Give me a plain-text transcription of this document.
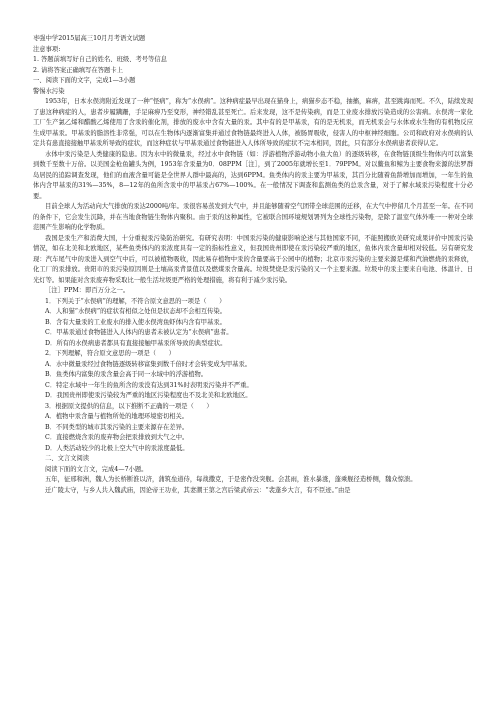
枣强中学2015届高三10月月考语文试题
注意事项:
1. 答题前填写好自己的姓名、班级、考号等信息
2. 请将答案正确填写在答题卡上
一、阅读下面的文字，完成1—3小题
警惕水污染
1953年，日本水俣湾附近发现了一种“怪病”，称为“水俣病”。这种病症最早出现在猫身上，病猫步态不稳，抽搐，麻痹，甚至跳海而死。不久，陆续发现了患这种病症的人，患者步履蹒跚，手足麻痹乃至变形，神经错乱甚至死亡。后来发现，这不是传染病，而是工业废水排放污染造成的公害病。水俣湾一家化工厂生产氯乙烯和醋酸乙烯使用了含汞的催化剂，排放的废水中含有大量的汞。其中有的是甲基汞，有的是无机汞，而无机汞会与水体或水生物的有机物反应生成甲基汞。甲基汞的脂溶性非常强，可以在生物体内逐渐富集并通过食物链最终进入人体，被肠胃吸收，侵害人的中枢神经细胞。公司和政府对水俣病的认定共有患直接接触甲基汞所导致的症状，而这种症状与甲基汞通过食物链进入人体所导致的症状不完本相同，因此，只有部分水俣病患者获得认定。
水体中汞污染是人类健康的隐患。因为水中的微量汞，经过水中食物链（如：浮游植物浮游动物小鱼大鱼）的逐级转移，在食物链顶级生物体内可以富集到数千至数十万倍。以美国金枪鱼罐头为例，1953年含汞量为0．08PPM［注］，到了2005年就增长至1．79PPM。对以鳖鱼和鲸为主要食物来源的法罗群岛居民的追踪调查发现，他们的血液含量可能是全世界人群中最高的，达到6PPM。鱼类体内的汞主要为甲基汞，其百分比随着鱼龄增加而增加，一年生的鱼体内含甲基汞的31%—35%，8—12年的鱼所含汞中的甲基汞占67%—100%。在一般情况下调查和监测鱼类的总汞含量，对于了解水域汞污染程度十分必要。
目前全球人为活动向大气排放的汞达2000吨/年。汞很容易蒸发到大气中，并且能够随着空气团带全球范围的迁移，在大气中停留几个月甚至一年。在不同的条件下，它会发生沉降，并在当地食物链生物体内聚积。由于汞的这种属性，它被联合国环境规划署列为全球性污染物，是除了温室气体外唯一一种对全球范围产生影响的化学物质。
我国是汞生产和消费大国，十分重视汞污染防治研究。有研究表明：中国汞污染的健康影响论述与其他国家不同，不能照搬欧美研究成果评价中国汞污染情况，如在北美和北欧地区，某些鱼类体内的汞浓度具有一定的指标性意义，但我国贵州即使在汞污染较严重的地区，鱼体内汞含量却相对较低。另有研究发现：汽车尾气中的汞进入到空气中后，可以被植物吸收，因此易存植物中汞的含量要高于公园中的植物；北京市汞污染的主要来源是煤和汽油燃烧的汞释放，化工厂的汞排放。贵阳市的汞污染原因则是土壤高汞背景值以及燃煤汞含量高。垃圾焚烧是汞污染的又一个主要来源。垃圾中的汞主要来自电池、体温计、日光灯等。如果能对含汞废弃物采取比一般生活垃圾更严格的处理措施，将有利于减少汞污染。
［注］PPM：即百万分之一。
1．下列关于“水俣病”的理解，不符合原文意思的一项是（　　）
A．人和猫“水俣病”的症状有相似之处但是状态却不会相互传染。
B．含有大量汞的工业废水的排入使水俣湾鱼虾体内含有甲基汞。
C．甲基汞通过食物链进入人体内的患者未被认定为“水俣病”患者。
D．所有的水俣病患者都具有直接接触甲基汞所导致的典型症状。
2．下列理解，符合原文意思的一项是（　　）
A．水中微量汞经过食物链逐级转移富集到数千倍时才会转变成为甲基汞。
B．鱼类体内富集的汞含量会高于同一水域中的浮游植物。
C．特定水域中一年生的鱼所含的汞没有达到31%时表明汞污染并不严重。
D．我国贵州即使汞污染较为严重的地区污染程度也不及北美和北欧地区。
3．根据原文提供的信息，以下推断不正确的一项是（　　）
A．植物中汞含量与植物所处的地理环境密切相关。
B．不同类型的城市其汞污染的主要来源存在差异。
C．直接燃烧含汞的废弃物会把汞排放到大气之中。
D．人类活动较少的北极上空大气中的汞浓度最低。
二、文言文阅读
阅读下面的文言文，完成4—7小题。
五年，征邢和洲，魏人为长桥断淮以济，蒲筑垒道侍，每战撒克，于是密作没突舰。会甚雨，淮水暴涨，蓬乘舰径造桥侧，魏众惊溃。
迁广陵太守，与乡人共入魏武庙，因论帝王功业，其妻潮王第之宫后梁武帝云：“裴蓬乡大言，有不臣迹。”由是
